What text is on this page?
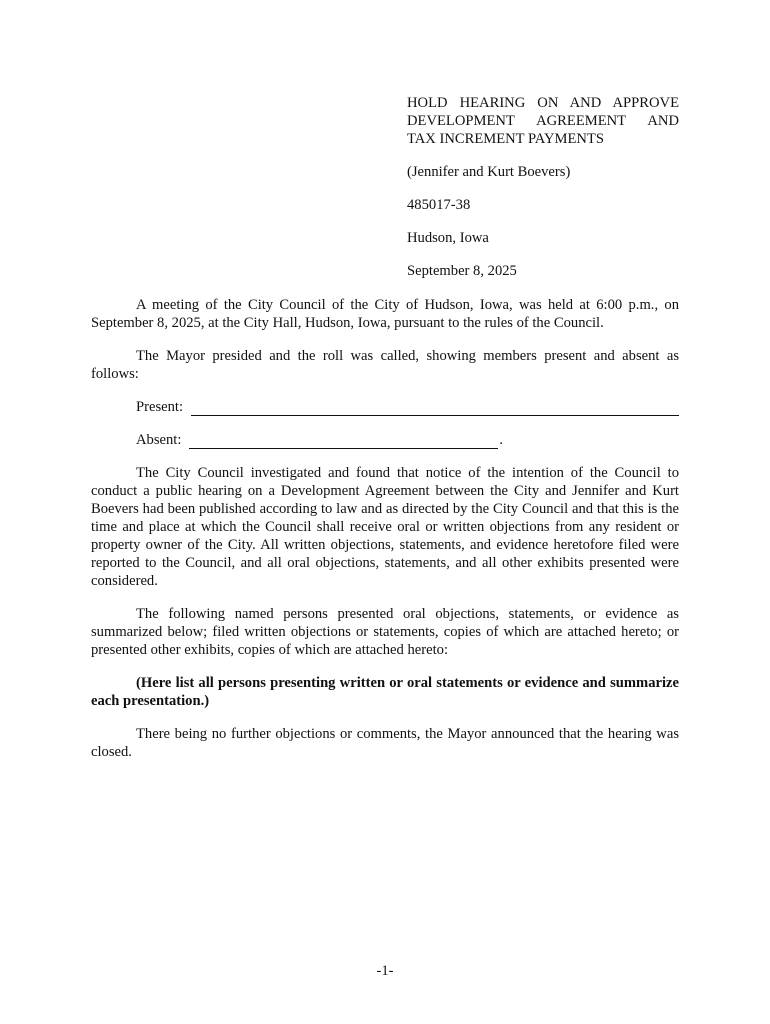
HOLD HEARING ON AND APPROVE
DEVELOPMENT AGREEMENT AND
TAX INCREMENT PAYMENTS

(Jennifer and Kurt Boevers)

485017-38

Hudson, Iowa

September 8, 2025

A meeting of the City Council of the City of Hudson, Iowa, was held at 6:00 p.m., on September 8, 2025, at the City Hall, Hudson, Iowa, pursuant to the rules of the Council.

The Mayor presided and the roll was called, showing members present and absent as follows:

Present:
Absent:	.

The City Council investigated and found that notice of the intention of the Council to conduct a public hearing on a Development Agreement between the City and Jennifer and Kurt Boevers had been published according to law and as directed by the City Council and that this is the time and place at which the Council shall receive oral or written objections from any resident or property owner of the City. All written objections, statements, and evidence heretofore filed were reported to the Council, and all oral objections, statements, and all other exhibits presented were considered.

The following named persons presented oral objections, statements, or evidence as summarized below; filed written objections or statements, copies of which are attached hereto; or presented other exhibits, copies of which are attached hereto:

(Here list all persons presenting written or oral statements or evidence and summarize each presentation.)

There being no further objections or comments, the Mayor announced that the hearing was closed.

-1-
